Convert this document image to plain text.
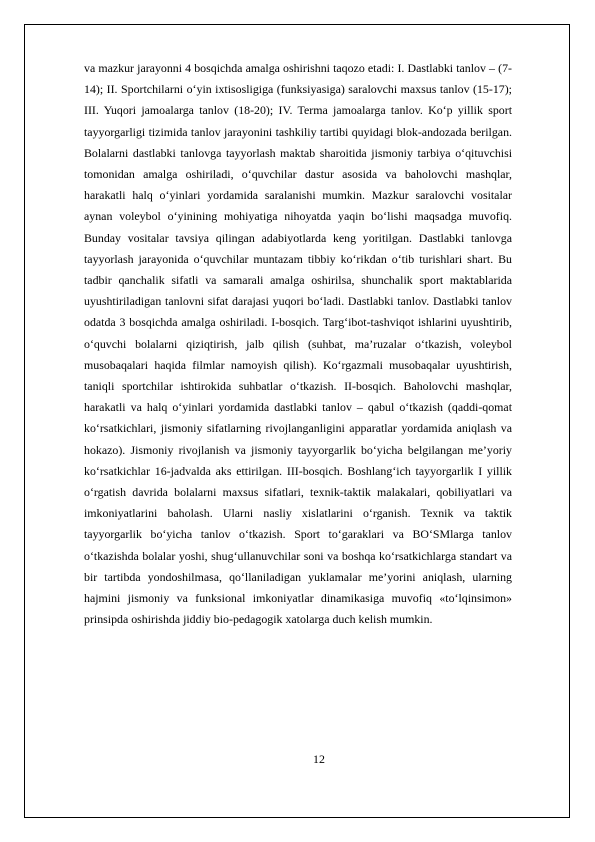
va mazkur jarayonni 4 bosqichda amalga oshirishni taqozo etadi: I. Dastlabki tanlov – (7-14); II. Sportchilarni o‘yin ixtisosligiga (funksiyasiga) saralovchi maxsus tanlov (15-17); III. Yuqori jamoalarga tanlov (18-20); IV. Terma jamoalarga tanlov. Ko‘p yillik sport tayyorgarligi tizimida tanlov jarayonini tashkiliy tartibi quyidagi blok-andozada berilgan. Bolalarni dastlabki tanlovga tayyorlash maktab sharoitida jismoniy tarbiya o‘qituvchisi tomonidan amalga oshiriladi, o‘quvchilar dastur asosida va baholovchi mashqlar, harakatli halq o‘yinlari yordamida saralanishi mumkin. Mazkur saralovchi vositalar aynan voleybol o‘yinining mohiyatiga nihoyatda yaqin bo‘lishi maqsadga muvofiq. Bunday vositalar tavsiya qilingan adabiyotlarda keng yoritilgan. Dastlabki tanlovga tayyorlash jarayonida o‘quvchilar muntazam tibbiy ko‘rikdan o‘tib turishlari shart. Bu tadbir qanchalik sifatli va samarali amalga oshirilsa, shunchalik sport maktablarida uyushtiriladigan tanlovni sifat darajasi yuqori bo‘ladi. Dastlabki tanlov. Dastlabki tanlov odatda 3 bosqichda amalga oshiriladi. I-bosqich. Targ‘ibot-tashviqot ishlarini uyushtirib, o‘quvchi bolalarni qiziqtirish, jalb qilish (suhbat, ma’ruzalar o‘tkazish, voleybol musobaqalari haqida filmlar namoyish qilish). Ko‘rgazmali musobaqalar uyushtirish, taniqli sportchilar ishtirokida suhbatlar o‘tkazish. II-bosqich. Baholovchi mashqlar, harakatli va halq o‘yinlari yordamida dastlabki tanlov – qabul o‘tkazish (qaddi-qomat ko‘rsatkichlari, jismoniy sifatlarning rivojlanganligini apparatlar yordamida aniqlash va hokazo). Jismoniy rivojlanish va jismoniy tayyorgarlik bo‘yicha belgilangan me’yoriy ko‘rsatkichlar 16-jadvalda aks ettirilgan. III-bosqich. Boshlang‘ich tayyorgarlik I yillik o‘rgatish davrida bolalarni maxsus sifatlari, texnik-taktik malakalari, qobiliyatlari va imkoniyatlarini baholash. Ularni nasliy xislatlarini o‘rganish. Texnik va taktik tayyorgarlik bo‘yicha tanlov o‘tkazish. Sport to‘garaklari va BO‘SMlarga tanlov o‘tkazishda bolalar yoshi, shug‘ullanuvchilar soni va boshqa ko‘rsatkichlarga standart va bir tartibda yondoshilmasa, qo‘llaniladigan yuklamalar me’yorini aniqlash, ularning hajmini jismoniy va funksional imkoniyatlar dinamikasiga muvofiq «to‘lqinsimon» prinsipda oshirishda jiddiy bio-pedagogik xatolarga duch kelish mumkin.

12
